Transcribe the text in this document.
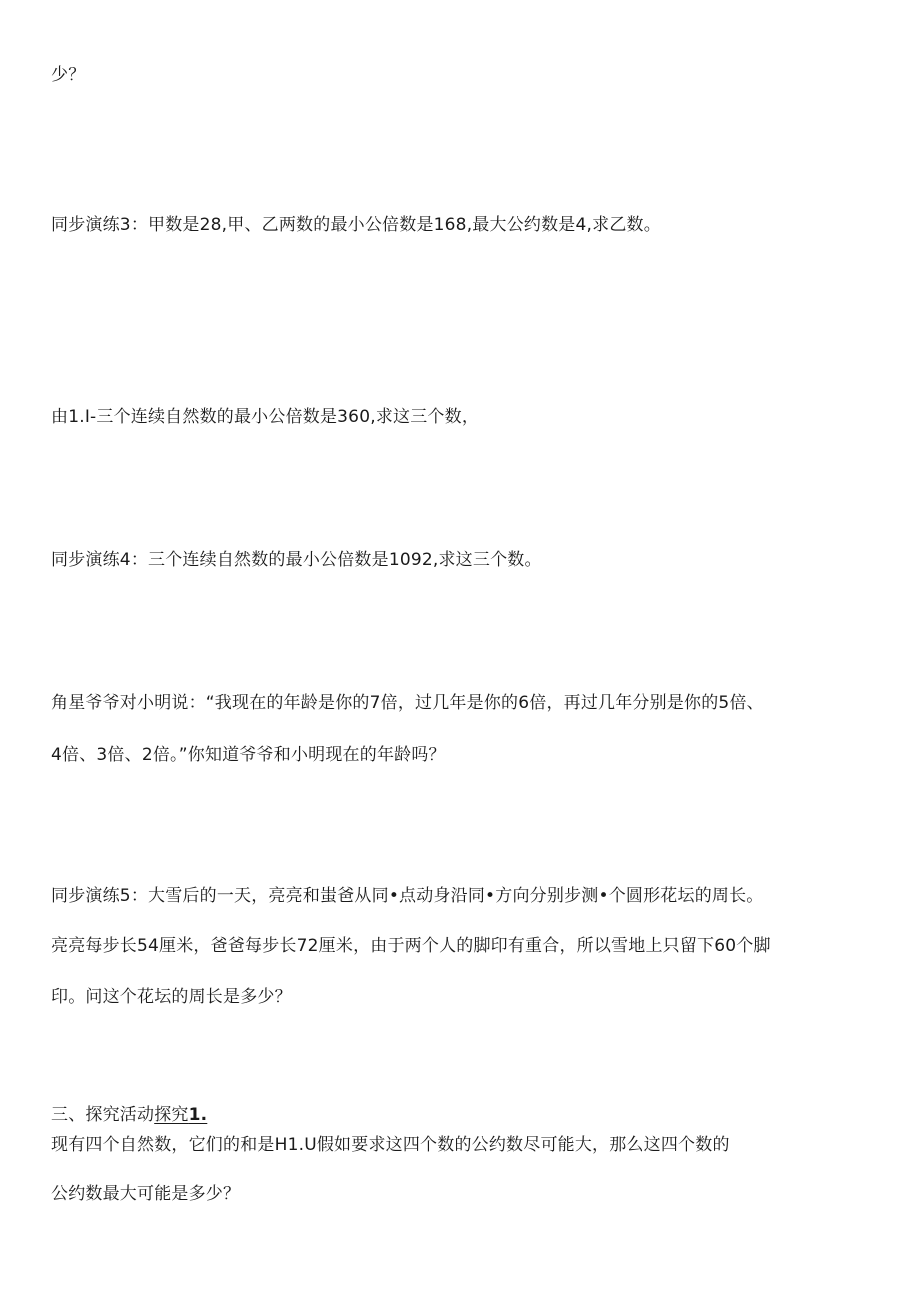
少？
同步演练3：甲数是28,甲、乙两数的最小公倍数是168,最大公约数是4,求乙数。
由1.I-三个连续自然数的最小公倍数是360,求这三个数，
同步演练4：三个连续自然数的最小公倍数是1092,求这三个数。
角星爷爷对小明说：“我现在的年龄是你的7倍，过几年是你的6倍，再过几年分别是你的5倍、
4倍、3倍、2倍。”你知道爷爷和小明现在的年龄吗？
同步演练5：大雪后的一天，亮亮和蚩爸从同•点动身沿同•方向分别步测•个圆形花坛的周长。
亮亮每步长54厘米，爸爸每步长72厘米，由于两个人的脚印有重合，所以雪地上只留下60个脚
印。问这个花坛的周长是多少？
三、探究活动探究1.
现有四个自然数，它们的和是H1.U假如要求这四个数的公约数尽可能大，那么这四个数的
公约数最大可能是多少？
